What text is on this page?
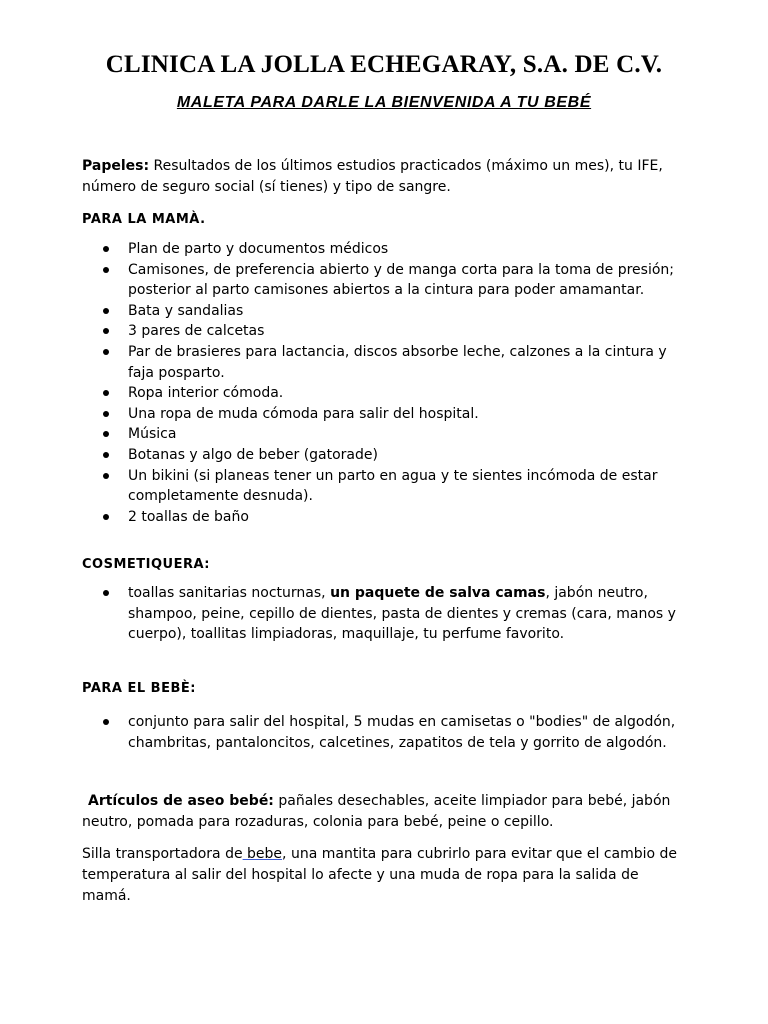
CLINICA LA JOLLA ECHEGARAY, S.A. DE C.V.
MALETA PARA DARLE LA BIENVENIDA A TU BEBÉ

Papeles: Resultados de los últimos estudios practicados (máximo un mes), tu IFE, número de seguro social (sí tienes) y tipo de sangre.

PARA LA MAMÀ.

Plan de parto y documentos médicos
Camisones, de preferencia abierto y de manga corta para la toma de presión; posterior al parto camisones abiertos a la cintura para poder amamantar.
Bata y sandalias
3 pares de calcetas
Par de brasieres para lactancia, discos absorbe leche, calzones a la cintura y faja posparto.
Ropa interior cómoda.
Una ropa de muda cómoda para salir del hospital.
Música
Botanas y algo de beber (gatorade)
Un bikini (si planeas tener un parto en agua y te sientes incómoda de estar completamente desnuda).
2 toallas de baño

COSMETIQUERA:

toallas sanitarias nocturnas, un paquete de salva camas, jabón neutro, shampoo, peine, cepillo de dientes, pasta de dientes y cremas (cara, manos y cuerpo), toallitas limpiadoras, maquillaje, tu perfume favorito.

PARA EL BEBÈ:

conjunto para salir del hospital, 5 mudas en camisetas o "bodies" de algodón, chambritas, pantaloncitos, calcetines, zapatitos de tela y gorrito de algodón.

Artículos de aseo bebé: pañales desechables, aceite limpiador para bebé, jabón neutro, pomada para rozaduras, colonia para bebé, peine o cepillo.

Silla transportadora de bebe, una mantita para cubrirlo para evitar que el cambio de temperatura al salir del hospital lo afecte y una muda de ropa para la salida de mamá.
